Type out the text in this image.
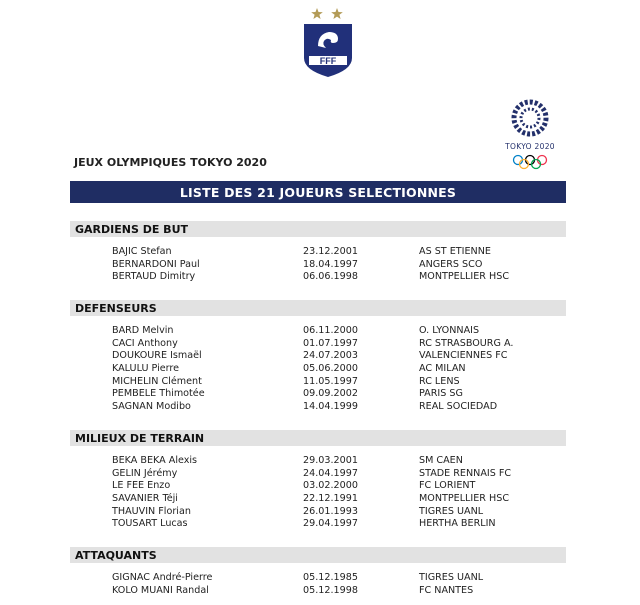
FFF
TOKYO 2020
JEUX OLYMPIQUES TOKYO 2020
LISTE DES 21 JOUEURS SELECTIONNES
GARDIENS DE BUT
BAJIC Stefan	23.12.2001	AS ST ETIENNE
BERNARDONI Paul	18.04.1997	ANGERS SCO
BERTAUD Dimitry	06.06.1998	MONTPELLIER HSC
DEFENSEURS
BARD Melvin	06.11.2000	O. LYONNAIS
CACI Anthony	01.07.1997	RC STRASBOURG A.
DOUKOURE Ismaël	24.07.2003	VALENCIENNES FC
KALULU Pierre	05.06.2000	AC MILAN
MICHELIN Clément	11.05.1997	RC LENS
PEMBELE Thimotée	09.09.2002	PARIS SG
SAGNAN Modibo	14.04.1999	REAL SOCIEDAD
MILIEUX DE TERRAIN
BEKA BEKA Alexis	29.03.2001	SM CAEN
GELIN Jérémy	24.04.1997	STADE RENNAIS FC
LE FEE Enzo	03.02.2000	FC LORIENT
SAVANIER Téji	22.12.1991	MONTPELLIER HSC
THAUVIN Florian	26.01.1993	TIGRES UANL
TOUSART Lucas	29.04.1997	HERTHA BERLIN
ATTAQUANTS
GIGNAC André-Pierre	05.12.1985	TIGRES UANL
KOLO MUANI Randal	05.12.1998	FC NANTES
